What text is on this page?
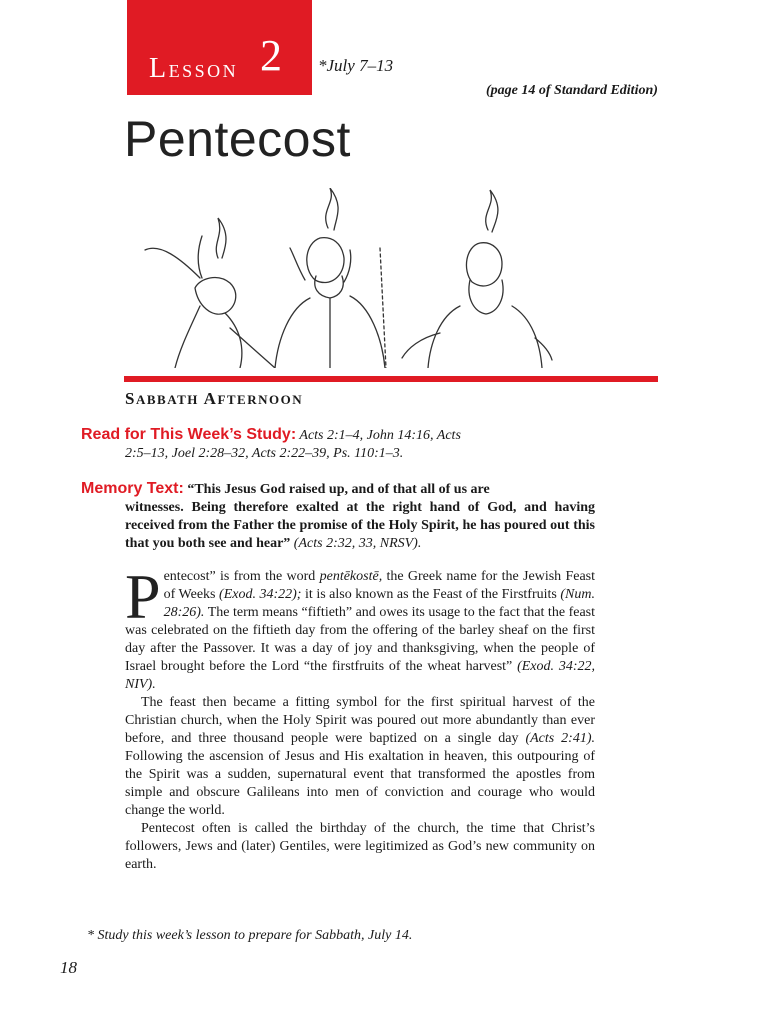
LESSON 2 *July 7–13
(page 14 of Standard Edition)
Pentecost
SABBATH AFTERNOON
Read for This Week’s Study: Acts 2:1–4, John 14:16, Acts
2:5–13, Joel 2:28–32, Acts 2:22–39, Ps. 110:1–3.
Memory Text: “This Jesus God raised up, and of that all of us are
witnesses. Being therefore exalted at the right hand of God, and having received from the Father the promise of the Holy Spirit, he has poured out this that you both see and hear” (Acts 2:32, 33, NRSV).

Pentecost” is from the word pentēkostē, the Greek name for the Jewish Feast of Weeks (Exod. 34:22); it is also known as the Feast of the Firstfruits (Num. 28:26). The term means “fiftieth” and owes its usage to the fact that the feast was celebrated on the fiftieth day from the offering of the barley sheaf on the first day after the Passover. It was a day of joy and thanksgiving, when the people of Israel brought before the Lord “the firstfruits of the wheat harvest” (Exod. 34:22, NIV).

The feast then became a fitting symbol for the first spiritual harvest of the Christian church, when the Holy Spirit was poured out more abundantly than ever before, and three thousand people were baptized on a single day (Acts 2:41). Following the ascension of Jesus and His exaltation in heaven, this outpouring of the Spirit was a sudden, supernatural event that transformed the apostles from simple and obscure Galileans into men of conviction and courage who would change the world.

Pentecost often is called the birthday of the church, the time that Christ’s followers, Jews and (later) Gentiles, were legitimized as God’s new community on earth.

* Study this week’s lesson to prepare for Sabbath, July 14.
18
